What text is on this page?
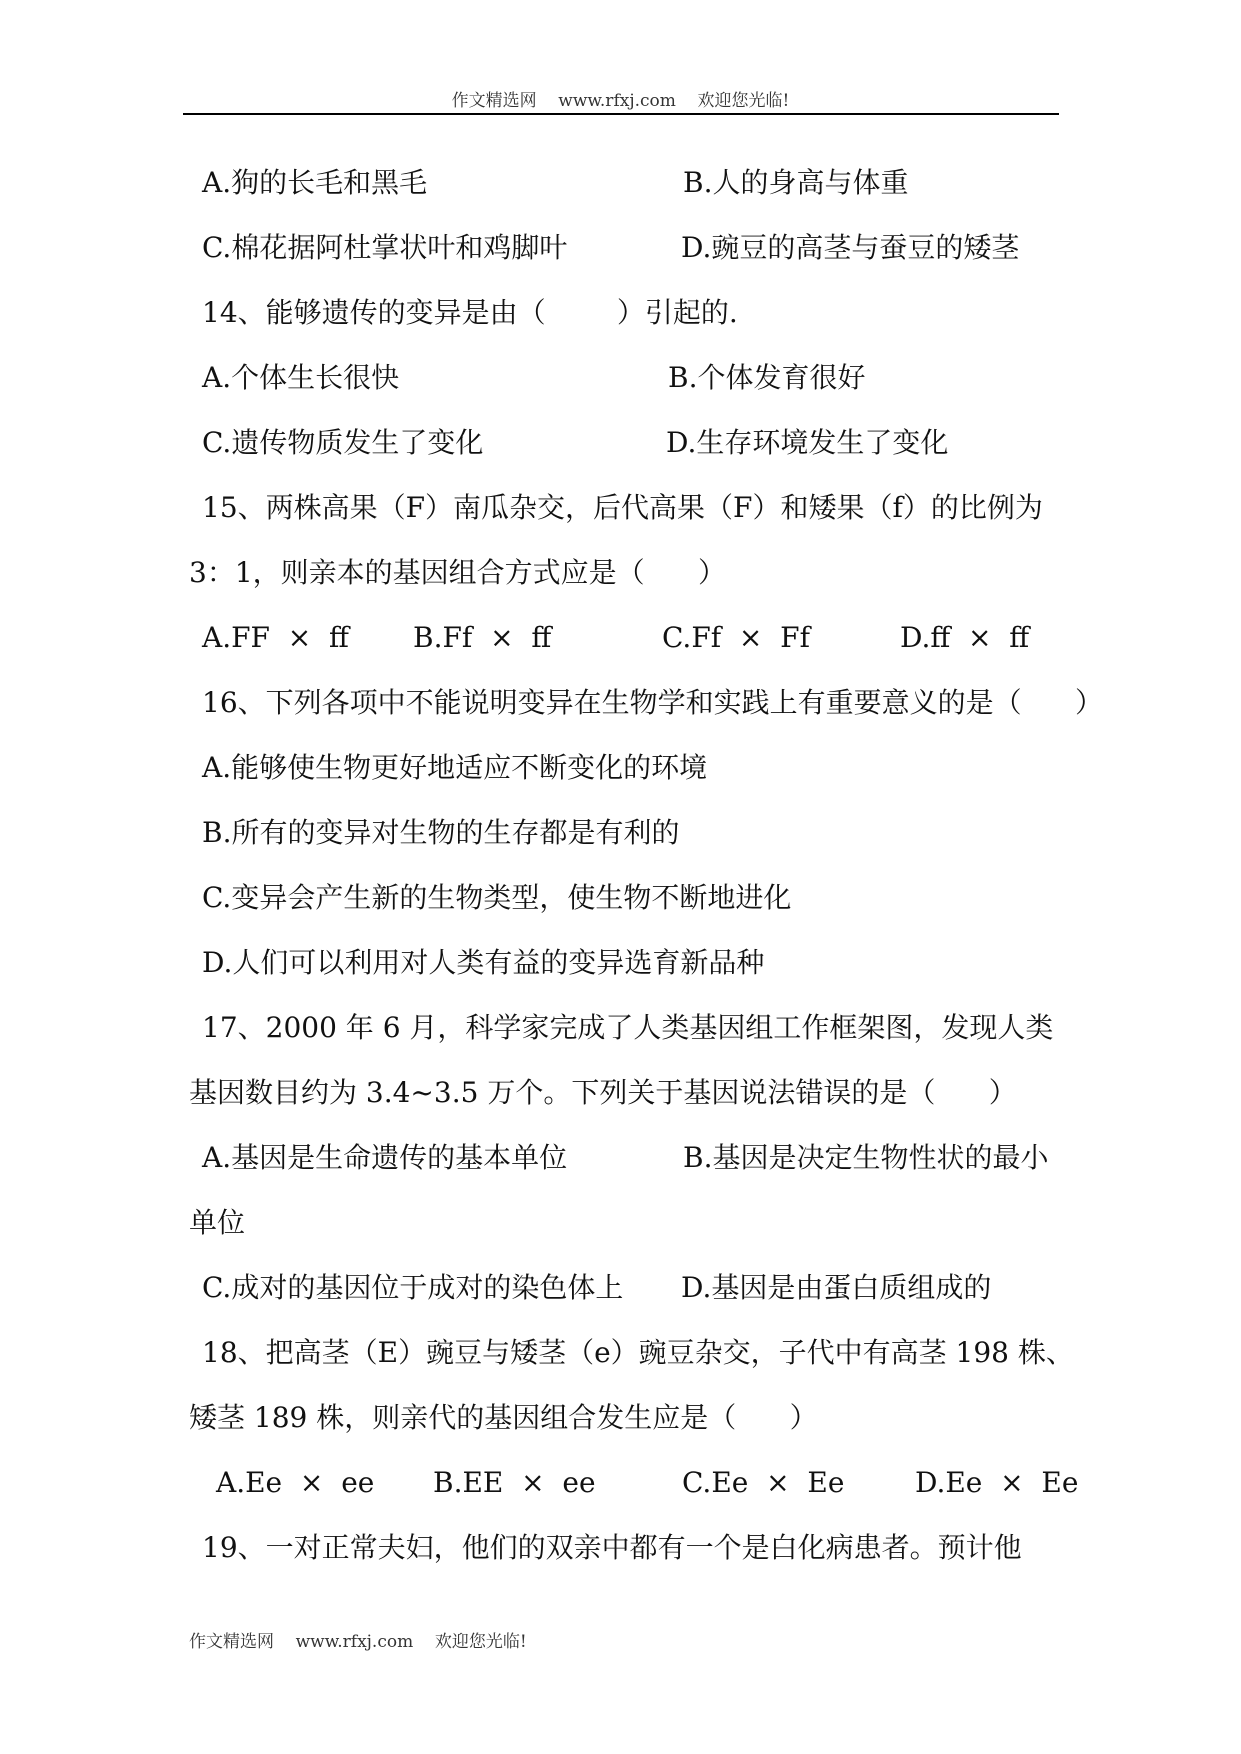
作文精选网    www.rfxj.com    欢迎您光临!
A.狗的长毛和黑毛	B.人的身高与体重
C.棉花据阿杜掌状叶和鸡脚叶	D.豌豆的高茎与蚕豆的矮茎
14、能够遗传的变异是由（        ）引起的.
A.个体生长很快	B.个体发育很好
C.遗传物质发生了变化	D.生存环境发生了变化
15、两株高果（F）南瓜杂交，后代高果（F）和矮果（f）的比例为
3：1，则亲本的基因组合方式应是（      ）
A.FF  ×  ff B.Ff  ×  ff	C.Ff  ×  Ff	D.ff  ×  ff
16、下列各项中不能说明变异在生物学和实践上有重要意义的是（      ）
A.能够使生物更好地适应不断变化的环境
B.所有的变异对生物的生存都是有利的
C.变异会产生新的生物类型，使生物不断地进化
D.人们可以利用对人类有益的变异选育新品种
17、2000 年 6 月，科学家完成了人类基因组工作框架图，发现人类
基因数目约为 3.4~3.5 万个。下列关于基因说法错误的是（      ）
A.基因是生命遗传的基本单位	B.基因是决定生物性状的最小
单位
C.成对的基因位于成对的染色体上 D.基因是由蛋白质组成的
18、把高茎（E）豌豆与矮茎（e）豌豆杂交，子代中有高茎 198 株、
矮茎 189 株，则亲代的基因组合发生应是（      ）
A.Ee  ×  ee B.EE  ×  ee	C.Ee  ×  Ee	D.Ee  ×  Ee
19、一对正常夫妇，他们的双亲中都有一个是白化病患者。预计他
作文精选网    www.rfxj.com    欢迎您光临!
